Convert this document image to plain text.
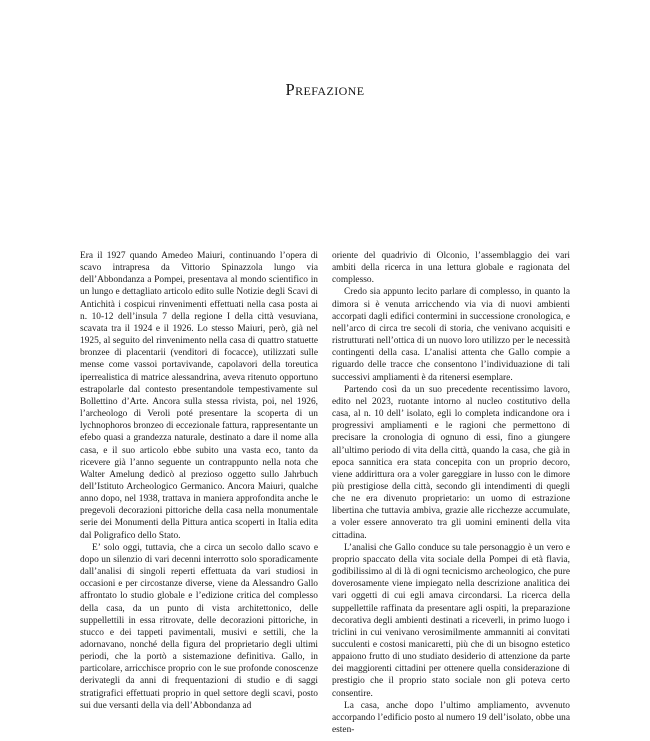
Prefazione

Era il 1927 quando Amedeo Maiuri, continuando l’opera di scavo intrapresa da Vittorio Spinazzola lungo via dell’Abbondanza a Pompei, presentava al mondo scientifico in un lungo e dettagliato articolo edito sulle Notizie degli Scavi di Antichità i cospicui rinvenimenti effettuati nella casa posta ai n. 10-12 dell’insula 7 della regione I della città vesuviana, scavata tra il 1924 e il 1926. Lo stesso Maiuri, però, già nel 1925, al seguito del rinvenimento nella casa di quattro statuette bronzee di placentarii (venditori di focacce), utilizzati sulle mense come vassoi portavivande, capolavori della toreutica iperrealistica di matrice alessandrina, aveva ritenuto opportuno estrapolarle dal contesto presentandole tempestivamente sul Bollettino d’Arte. Ancora sulla stessa rivista, poi, nel 1926, l’archeologo di Veroli poté presentare la scoperta di un lychnophoros bronzeo di eccezionale fattura, rappresentante un efebo quasi a grandezza naturale, destinato a dare il nome alla casa, e il suo articolo ebbe subito una vasta eco, tanto da ricevere già l’anno seguente un contrappunto nella nota che Walter Amelung dedicò al prezioso oggetto sullo Jahrbuch dell’Istituto Archeologico Germanico. Ancora Maiuri, qualche anno dopo, nel 1938, trattava in maniera approfondita anche le pregevoli decorazioni pittoriche della casa nella monumentale serie dei Monumenti della Pittura antica scoperti in Italia edita dal Poligrafico dello Stato.

E’ solo oggi, tuttavia, che a circa un secolo dallo scavo e dopo un silenzio di vari decenni interrotto solo sporadicamente dall’analisi di singoli reperti effettuata da vari studiosi in occasioni e per circostanze diverse, viene da Alessandro Gallo affrontato lo studio globale e l’edizione critica del complesso della casa, da un punto di vista architettonico, delle suppellettili in essa ritrovate, delle decorazioni pittoriche, in stucco e dei tappeti pavimentali, musivi e settili, che la adornavano, nonché della figura del proprietario degli ultimi periodi, che la portò a sistemazione definitiva. Gallo, in particolare, arricchisce proprio con le sue profonde conoscenze derivategli da anni di frequentazioni di studio e di saggi stratigrafici effettuati proprio in quel settore degli scavi, posto sui due versanti della via dell’Abbondanza ad

oriente del quadrivio di Olconio, l’assemblaggio dei vari ambiti della ricerca in una lettura globale e ragionata del complesso.

Credo sia appunto lecito parlare di complesso, in quanto la dimora si è venuta arricchendo via via di nuovi ambienti accorpati dagli edifici contermini in successione cronologica, e nell’arco di circa tre secoli di storia, che venivano acquisiti e ristrutturati nell’ottica di un nuovo loro utilizzo per le necessità contingenti della casa. L’analisi attenta che Gallo compie a riguardo delle tracce che consentono l’individuazione di tali successivi ampliamenti è da ritenersi esemplare.

Partendo così da un suo precedente recentissimo lavoro, edito nel 2023, ruotante intorno al nucleo costitutivo della casa, al n. 10 dell’ isolato, egli lo completa indicandone ora i progressivi ampliamenti e le ragioni che permettono di precisare la cronologia di ognuno di essi, fino a giungere all’ultimo periodo di vita della città, quando la casa, che già in epoca sannitica era stata concepita con un proprio decoro, viene addirittura ora a voler gareggiare in lusso con le dimore più prestigiose della città, secondo gli intendimenti di quegli che ne era divenuto proprietario: un uomo di estrazione libertina che tuttavia ambiva, grazie alle ricchezze accumulate, a voler essere annoverato tra gli uomini eminenti della vita cittadina.

L’analisi che Gallo conduce su tale personaggio è un vero e proprio spaccato della vita sociale della Pompei di età flavia, godibilissimo al di là di ogni tecnicismo archeologico, che pure doverosamente viene impiegato nella descrizione analitica dei vari oggetti di cui egli amava circondarsi. La ricerca della suppellettile raffinata da presentare agli ospiti, la preparazione decorativa degli ambienti destinati a riceverli, in primo luogo i triclini in cui venivano verosimilmente ammanniti ai convitati succulenti e costosi manicaretti, più che di un bisogno estetico appaiono frutto di uno studiato desiderio di attenzione da parte dei maggiorenti cittadini per ottenere quella considerazione di prestigio che il proprio stato sociale non gli poteva certo consentire.

La casa, anche dopo l’ultimo ampliamento, avvenuto accorpando l’edificio posto al numero 19 dell’isolato, obbe una esten-
